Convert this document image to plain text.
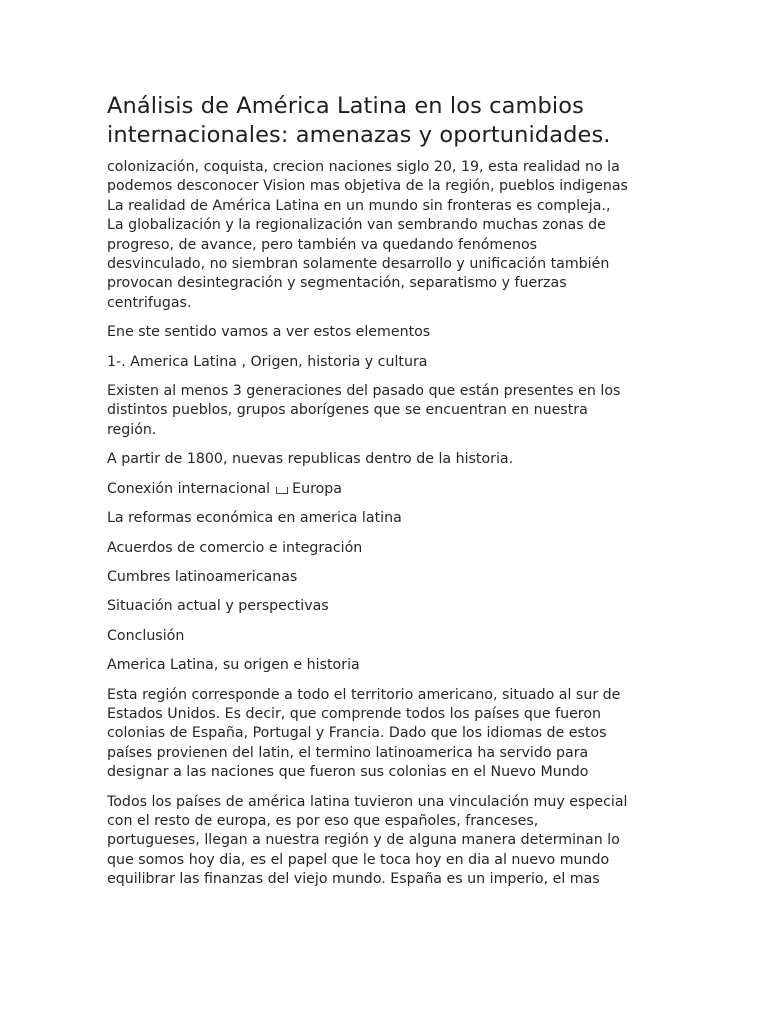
Análisis de América Latina en los cambios internacionales: amenazas y oportunidades.

colonización, coquista, crecion naciones siglo 20, 19, esta realidad no la
podemos desconocer Vision mas objetiva de la región, pueblos indigenas
La realidad de América Latina en un mundo sin fronteras es compleja.,
La globalización y la regionalización van sembrando muchas zonas de
progreso, de avance, pero también va quedando fenómenos
desvinculado, no siembran solamente desarrollo y unificación también
provocan desintegración y segmentación, separatismo y fuerzas
centrifugas.

Ene ste sentido vamos a ver estos elementos

1-. America Latina , Origen, historia y cultura

Existen al menos 3 generaciones del pasado que están presentes en los
distintos pueblos, grupos aborígenes que se encuentran en nuestra
región.

A partir de 1800, nuevas republicas dentro de la historia.

Conexión internacional Europa

La reformas económica en america latina

Acuerdos de comercio e integración

Cumbres latinoamericanas

Situación actual y perspectivas

Conclusión

America Latina, su origen e historia

Esta región corresponde a todo el territorio americano, situado al sur de
Estados Unidos. Es decir, que comprende todos los países que fueron
colonias de España, Portugal y Francia. Dado que los idiomas de estos
países provienen del latin, el termino latinoamerica ha servido para
designar a las naciones que fueron sus colonias en el Nuevo Mundo

Todos los países de américa latina tuvieron una vinculación muy especial
con el resto de europa, es por eso que españoles, franceses,
portugueses, llegan a nuestra región y de alguna manera determinan lo
que somos hoy dia, es el papel que le toca hoy en dia al nuevo mundo
equilibrar las finanzas del viejo mundo. España es un imperio, el mas
